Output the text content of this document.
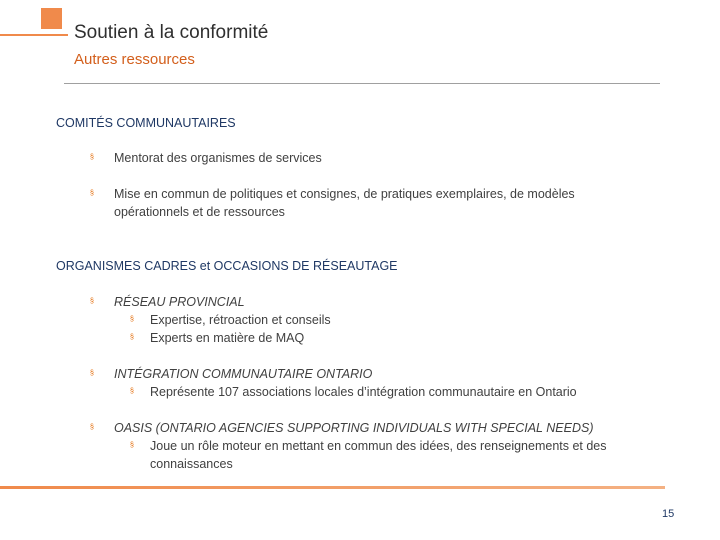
Soutien à la conformité
Autres ressources
COMITÉS COMMUNAUTAIRES
§ Mentorat des organismes de services
§ Mise en commun de politiques et consignes, de pratiques exemplaires, de modèles opérationnels et de ressources
ORGANISMES CADRES et OCCASIONS DE RÉSEAUTAGE
§ RÉSEAU PROVINCIAL
§ Expertise, rétroaction et conseils
§ Experts en matière de MAQ
§ INTÉGRATION COMMUNAUTAIRE ONTARIO
§ Représente 107 associations locales d’intégration communautaire en Ontario
§ OASIS (ONTARIO AGENCIES SUPPORTING INDIVIDUALS WITH SPECIAL NEEDS)
§ Joue un rôle moteur en mettant en commun des idées, des renseignements et des connaissances
15
